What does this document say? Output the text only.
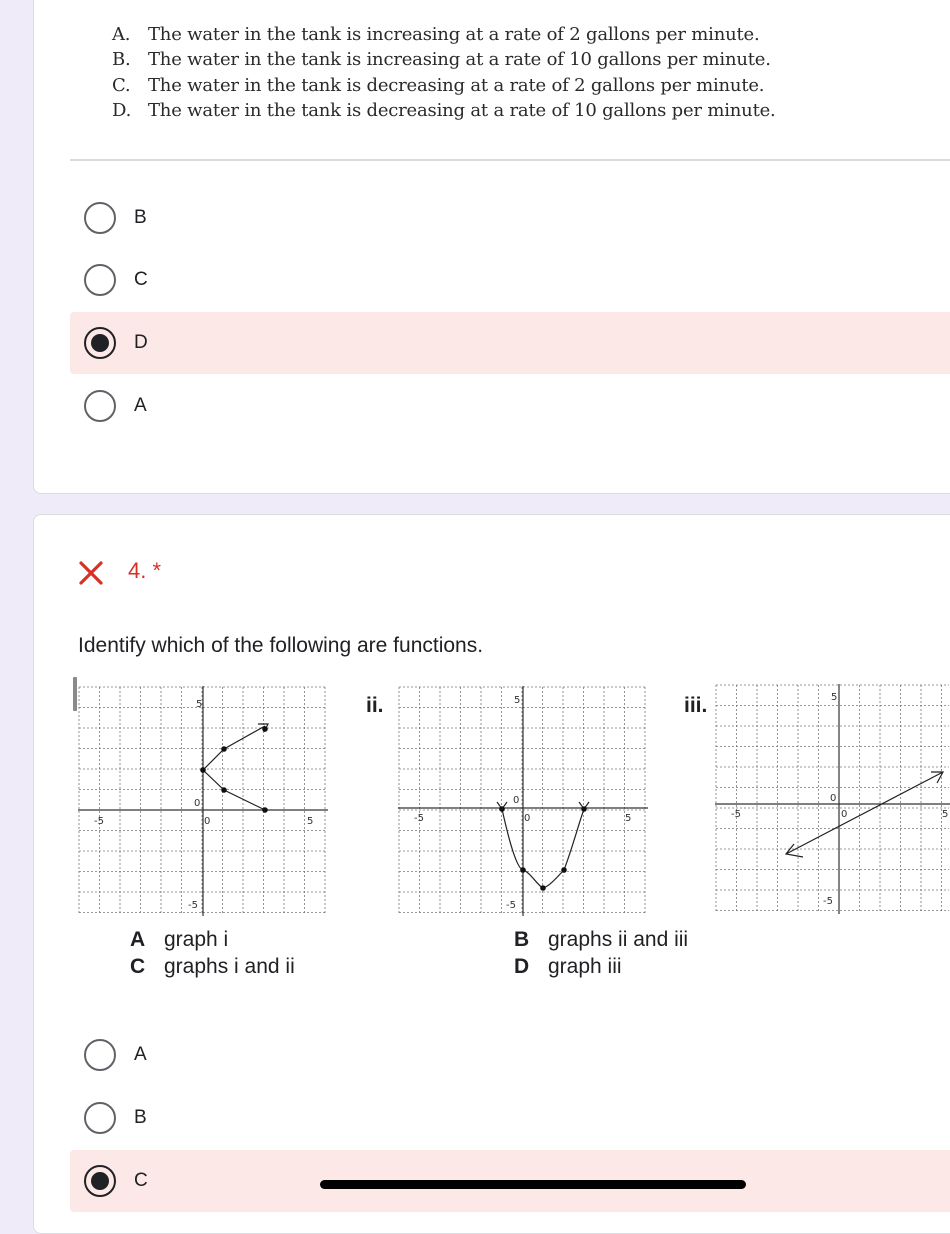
A. The water in the tank is increasing at a rate of 2 gallons per minute.
B. The water in the tank is increasing at a rate of 10 gallons per minute.
C. The water in the tank is decreasing at a rate of 2 gallons per minute.
D. The water in the tank is decreasing at a rate of 10 gallons per minute.
B
C
D
A
4. *
Identify which of the following are functions.
5
-5	5
0
0
-5
ii.	5
-5	5
0
0
-5
iii.	5
-5	5
0
0
-5
A graph i	B graphs ii and iii
C graphs i and ii	D graph iii
A
B
C
